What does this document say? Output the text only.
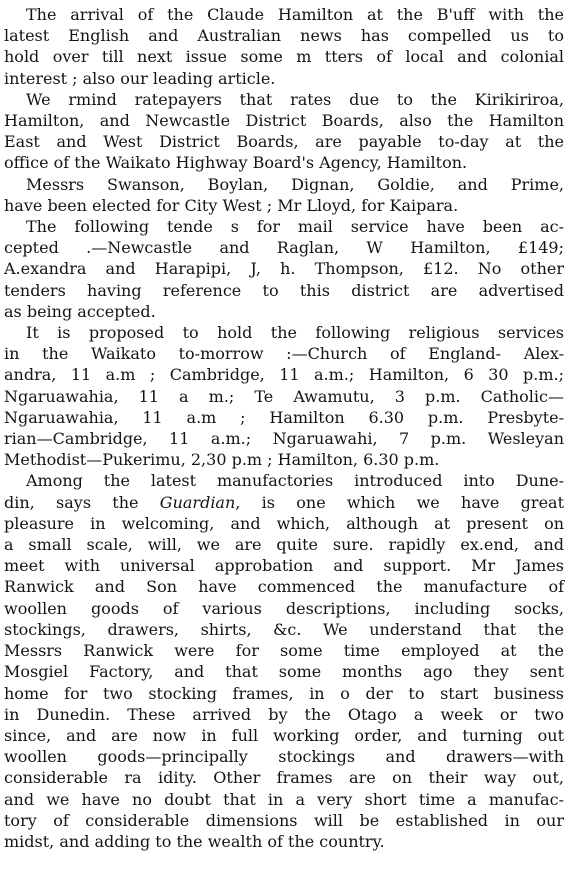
The arrival of the Claude Hamilton at the B'uff with the
latest English and Australian news has compelled us to
hold over till next issue some m tters of local and colonial
interest ; also our leading article.
We rmind ratepayers that rates due to the Kirikiriroa,
Hamilton, and Newcastle District Boards, also the Hamilton
East and West District Boards, are payable to-day at the
office of the Waikato Highway Board's Agency, Hamilton.
Messrs Swanson, Boylan, Dignan, Goldie, and Prime,
have been elected for City West ; Mr Lloyd, for Kaipara.
The following tende s for mail service have been ac-
cepted .—Newcastle and Raglan, W Hamilton, £149;
A.exandra and Harapipi, J, h. Thompson, £12. No other
tenders having reference to this district are advertised
as being accepted.
It is proposed to hold the following religious services
in the Waikato to-morrow :—Church of England- Alex-
andra, 11 a.m ; Cambridge, 11 a.m.; Hamilton, 6 30 p.m.;
Ngaruawahia, 11 a m.; Te Awamutu, 3 p.m. Catholic—
Ngaruawahia, 11 a.m ; Hamilton 6.30 p.m. Presbyte-
rian—Cambridge, 11 a.m.; Ngaruawahi, 7 p.m. Wesleyan
Methodist—Pukerimu, 2,30 p.m ; Hamilton, 6.30 p.m.
Among the latest manufactories introduced into Dune-
din, says the Guardian, is one which we have great
pleasure in welcoming, and which, although at present on
a small scale, will, we are quite sure. rapidly ex.end, and
meet with universal approbation and support. Mr James
Ranwick and Son have commenced the manufacture of
woollen goods of various descriptions, including socks,
stockings, drawers, shirts, &c. We understand that the
Messrs Ranwick were for some time employed at the
Mosgiel Factory, and that some months ago they sent
home for two stocking frames, in o der to start business
in Dunedin. These arrived by the Otago a week or two
since, and are now in full working order, and turning out
woollen goods—principally stockings and drawers—with
considerable ra idity. Other frames are on their way out,
and we have no doubt that in a very short time a manufac-
tory of considerable dimensions will be established in our
midst, and adding to the wealth of the country.
